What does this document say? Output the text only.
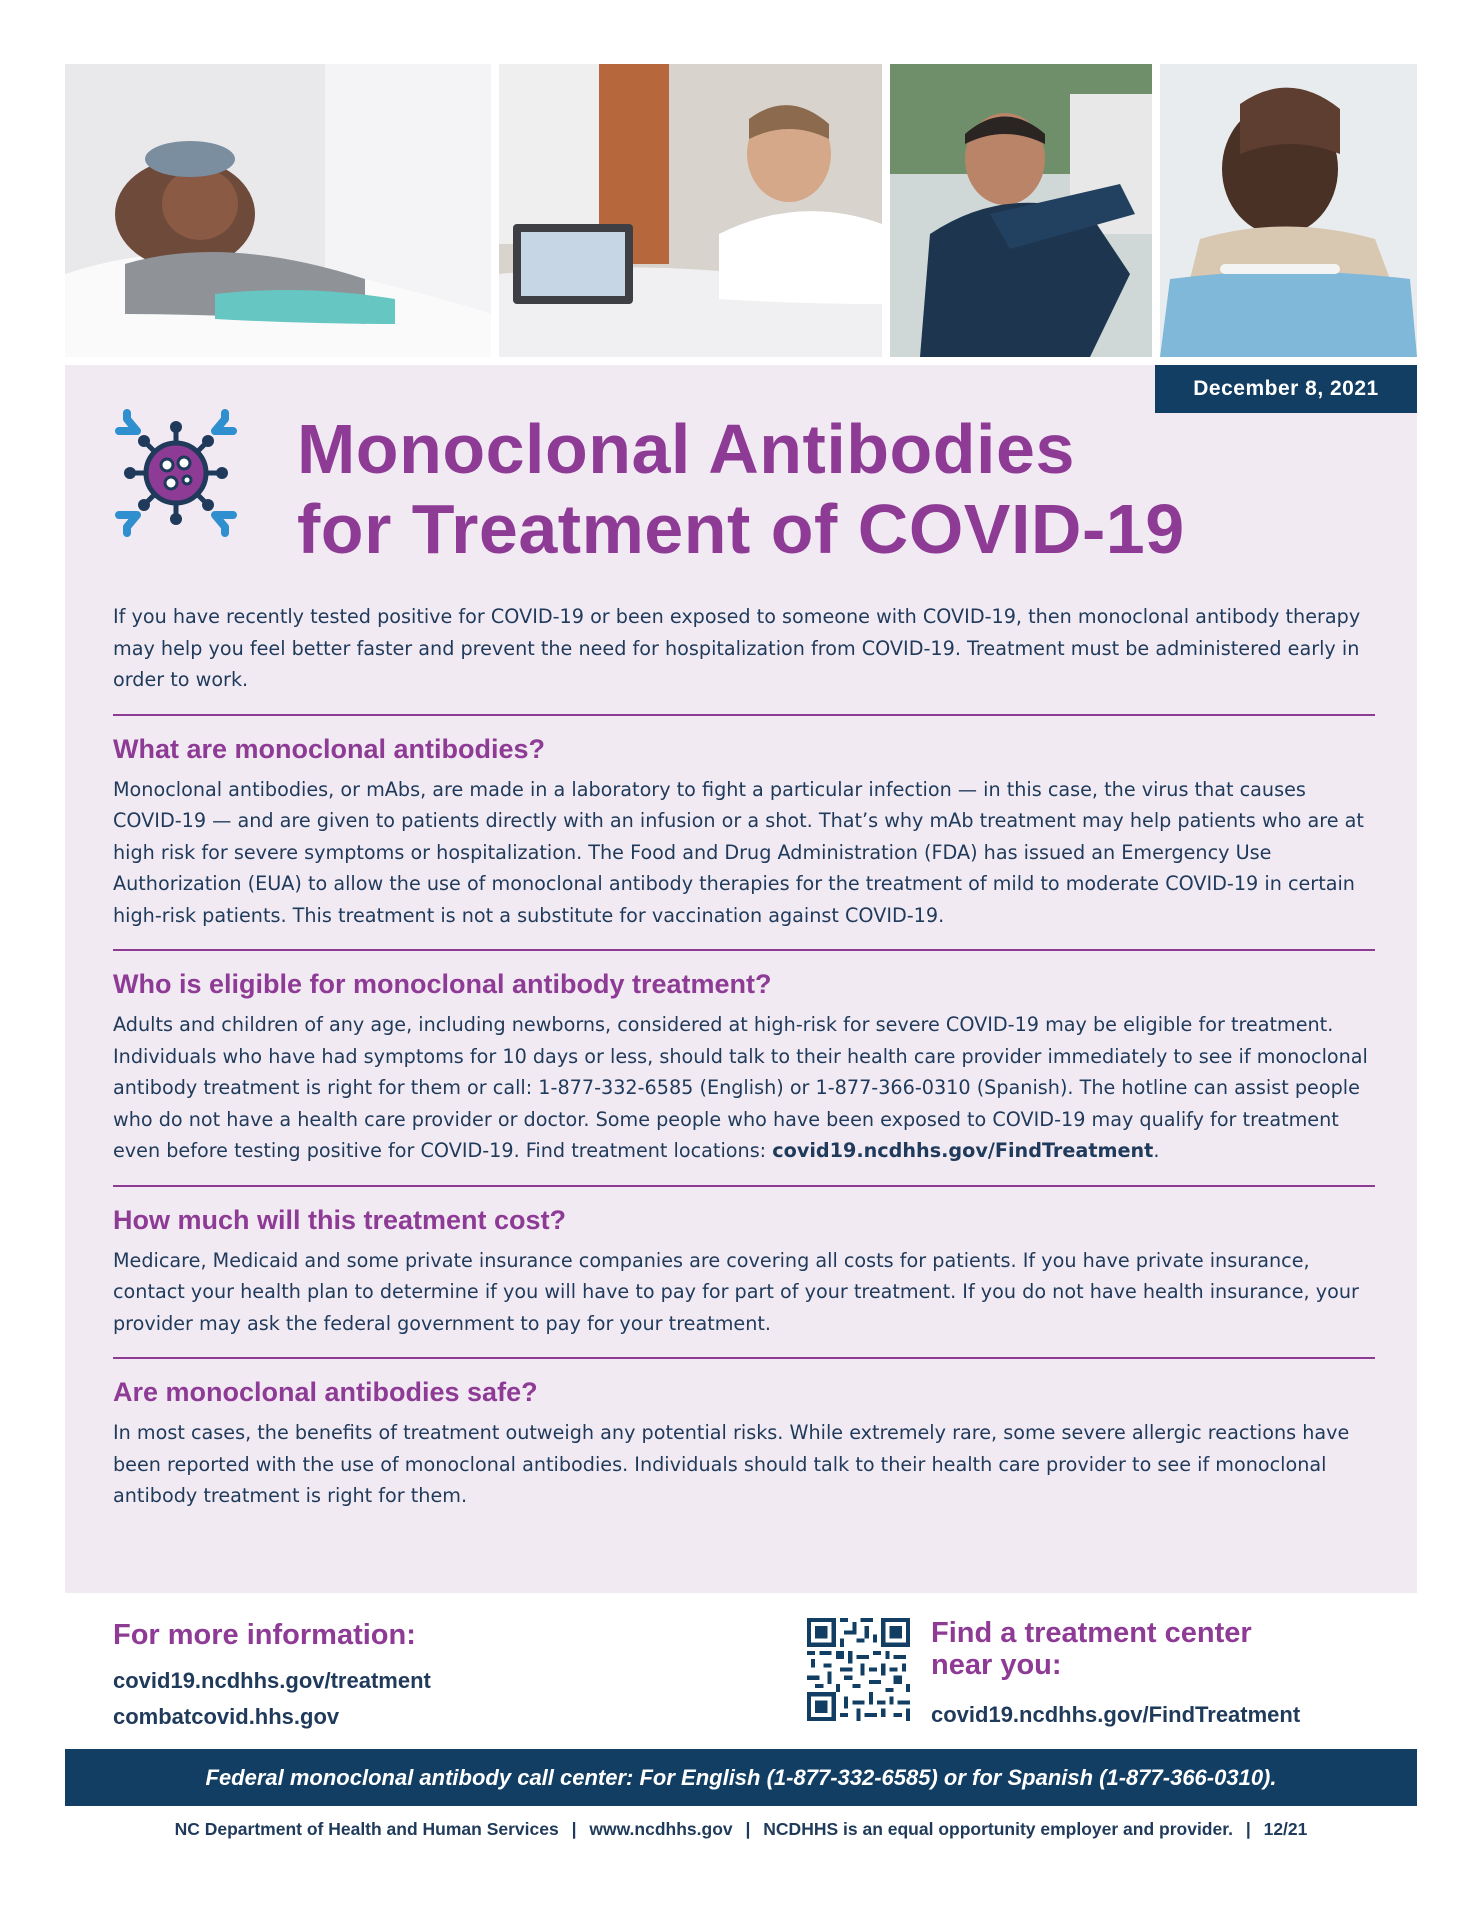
December 8, 2021
Monoclonal Antibodies
for Treatment of COVID-19

If you have recently tested positive for COVID-19 or been exposed to someone with COVID-19, then monoclonal antibody therapy may help you feel better faster and prevent the need for hospitalization from COVID-19. Treatment must be administered early in order to work.

What are monoclonal antibodies?

Monoclonal antibodies, or mAbs, are made in a laboratory to fight a particular infection — in this case, the virus that causes COVID-19 — and are given to patients directly with an infusion or a shot. That’s why mAb treatment may help patients who are at high risk for severe symptoms or hospitalization. The Food and Drug Administration (FDA) has issued an Emergency Use Authorization (EUA) to allow the use of monoclonal antibody therapies for the treatment of mild to moderate COVID-19 in certain high-risk patients. This treatment is not a substitute for vaccination against COVID-19.

Who is eligible for monoclonal antibody treatment?

Adults and children of any age, including newborns, considered at high-risk for severe COVID-19 may be eligible for treatment. Individuals who have had symptoms for 10 days or less, should talk to their health care provider immediately to see if monoclonal antibody treatment is right for them or call: 1-877-332-6585 (English) or 1-877-366-0310 (Spanish). The hotline can assist people who do not have a health care provider or doctor. Some people who have been exposed to COVID-19 may qualify for treatment even before testing positive for COVID-19. Find treatment locations: covid19.ncdhhs.gov/FindTreatment.

How much will this treatment cost?

Medicare, Medicaid and some private insurance companies are covering all costs for patients. If you have private insurance, contact your health plan to determine if you will have to pay for part of your treatment. If you do not have health insurance, your provider may ask the federal government to pay for your treatment.

Are monoclonal antibodies safe?

In most cases, the benefits of treatment outweigh any potential risks. While extremely rare, some severe allergic reactions have been reported with the use of monoclonal antibodies. Individuals should talk to their health care provider to see if monoclonal antibody treatment is right for them.

For more information:
covid19.ncdhhs.gov/treatment
combatcovid.hhs.gov
Find a treatment center
near you:
covid19.ncdhhs.gov/FindTreatment
Federal monoclonal antibody call center: For English (1-877-332-6585) or for Spanish (1-877-366-0310).
NC Department of Health and Human Services | www.ncdhhs.gov | NCDHHS is an equal opportunity employer and provider. | 12/21
